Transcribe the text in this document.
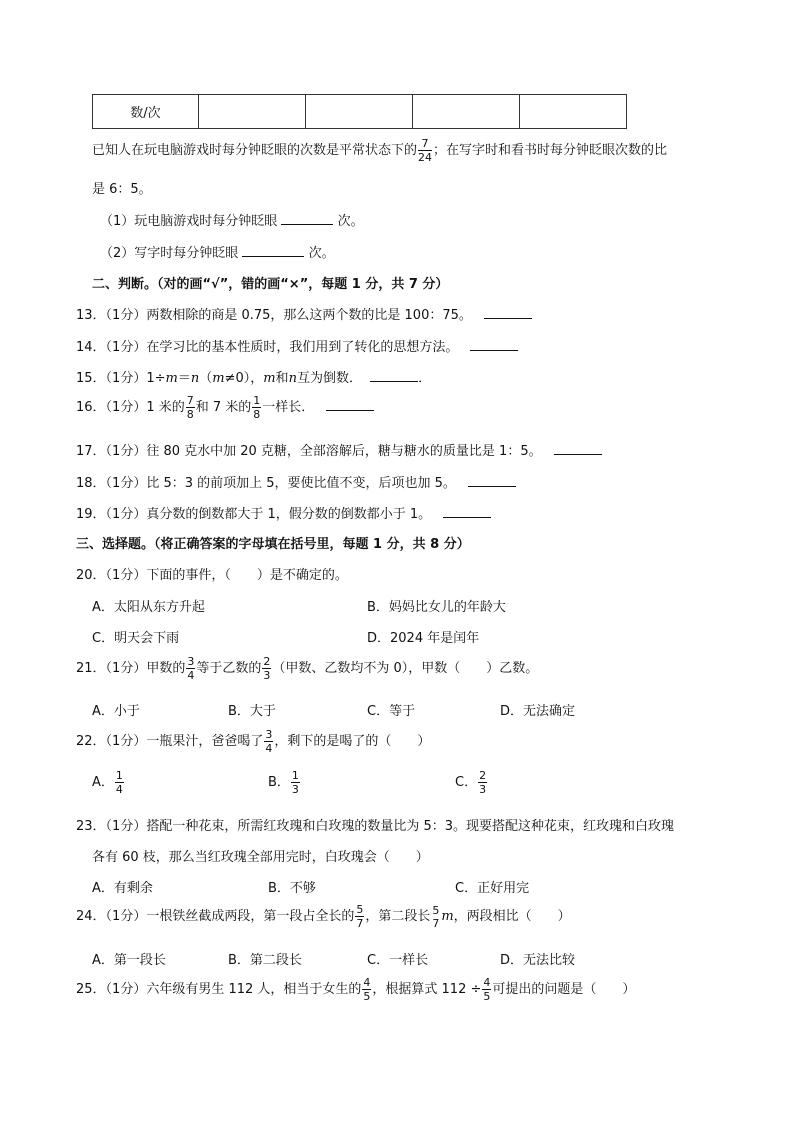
数/次				
已知人在玩电脑游戏时每分钟眨眼的次数是平常状态下的 $\frac{7}{24}$ ；在写字时和看书时每分钟眨眼次数的比
是 6：5。
（1）玩电脑游戏时每分钟眨眼	次。
（2）写字时每分钟眨眼	次。
二、判断。（对的画“√”，错的画“×”，每题 1 分，共 7 分）
13．（1分）两数相除的商是 0.75，那么这两个数的比是 100：75。
14．（1分）在学习比的基本性质时，我们用到了转化的思想方法。
15．（1分）1÷m＝n（m≠0），m和n互为倒数．	．
16．（1分）1 米的 $\frac{7}{8}$ 和 7 米的 $\frac{1}{8}$ 一样长．
17．（1分）往 80 克水中加 20 克糖，全部溶解后，糖与糖水的质量比是 1：5。
18．（1分）比 5：3 的前项加上 5，要使比值不变，后项也加 5。
19．（1分）真分数的倒数都大于 1，假分数的倒数都小于 1。
三、选择题。（将正确答案的字母填在括号里，每题 1 分，共 8 分）
20．（1分）下面的事件，（　　）是不确定的。
A．太阳从东方升起	B．妈妈比女儿的年龄大
C．明天会下雨	D．2024 年是闰年
21．（1分）甲数的 $\frac{3}{4}$ 等于乙数的 $\frac{2}{3}$ （甲数、乙数均不为 0），甲数（　　）乙数。
A．小于	B．大于	C．等于	D．无法确定
22．（1分）一瓶果汁，爸爸喝了 $\frac{3}{4}$ ，剩下的是喝了的（　　）
A． $\frac{1}{4}$	B． $\frac{1}{3}$	C． $\frac{2}{3}$
23．（1分）搭配一种花束，所需红玫瑰和白玫瑰的数量比为 5：3。现要搭配这种花束，红玫瑰和白玫瑰
各有 60 枝，那么当红玫瑰全部用完时，白玫瑰会（　　）
A．有剩余	B．不够	C．正好用完
24．（1分）一根铁丝截成两段，第一段占全长的 $\frac{5}{7}$ ，第二段长 5
7 m，两段相比（　　）
A．第一段长	B．第二段长	C．一样长	D．无法比较
25．（1分）六年级有男生 112 人，相当于女生的 $\frac{4}{5}$ ，根据算式 $112 \div \frac{4}{5}$ 可提出的问题是（　　）
